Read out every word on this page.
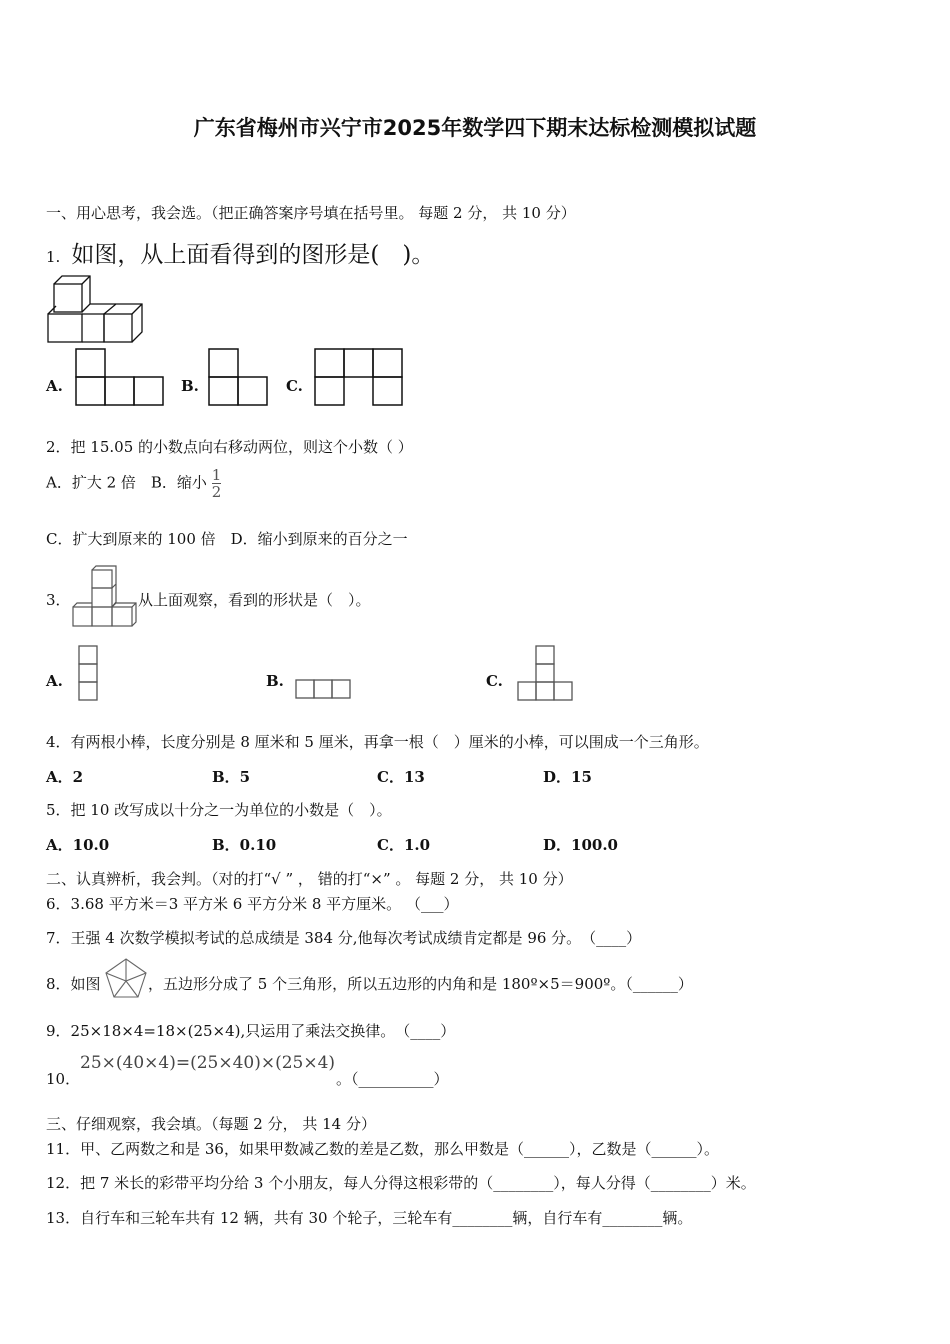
广东省梅州市兴宁市2025年数学四下期末达标检测模拟试题
一、用心思考，我会选。（把正确答案序号填在括号里。 每题 2 分， 共 10 分）
1. 如图，从上面看得到的图形是(　)。
A.	B.	C.
2．把 15.05 的小数点向右移动两位，则这个小数（ ）
A．扩大 2 倍　B．缩小 $\frac{1}{2}$
C．扩大到原来的 100 倍　D．缩小到原来的百分之一
3．	从上面观察，看到的形状是（　）。
A.	B.	C.
4．有两根小棒，长度分别是 8 厘米和 5 厘米，再拿一根（　）厘米的小棒，可以围成一个三角形。
A．2	B．5	C．13	D．15
5．把 10 改写成以十分之一为单位的小数是（　）。
A．10.0	B．0.10	C．1.0	D．100.0
二、认真辨析，我会判。（对的打“√ ” ， 错的打“×” 。 每题 2 分， 共 10 分）
6．3.68 平方米＝3 平方米 6 平方分米 8 平方厘米。 （___）
7．王强 4 次数学模拟考试的总成绩是 384 分,他每次考试成绩肯定都是 96 分。　（____）
8．如图	，五边形分成了 5 个三角形，所以五边形的内角和是 180º×5＝900º。（______）
9．25×18×4=18×(25×4),只运用了乘法交换律。　（____）
10．
25×(40×4)=(25×40)×(25×4)
。（__________）
三、仔细观察，我会填。（每题 2 分， 共 14 分）
11．甲、乙两数之和是 36，如果甲数减乙数的差是乙数，那么甲数是（______），乙数是（______）。
12．把 7 米长的彩带平均分给 3 个小朋友，每人分得这根彩带的（________），每人分得（________）米。
13．自行车和三轮车共有 12 辆，共有 30 个轮子，三轮车有________辆，自行车有________辆。
